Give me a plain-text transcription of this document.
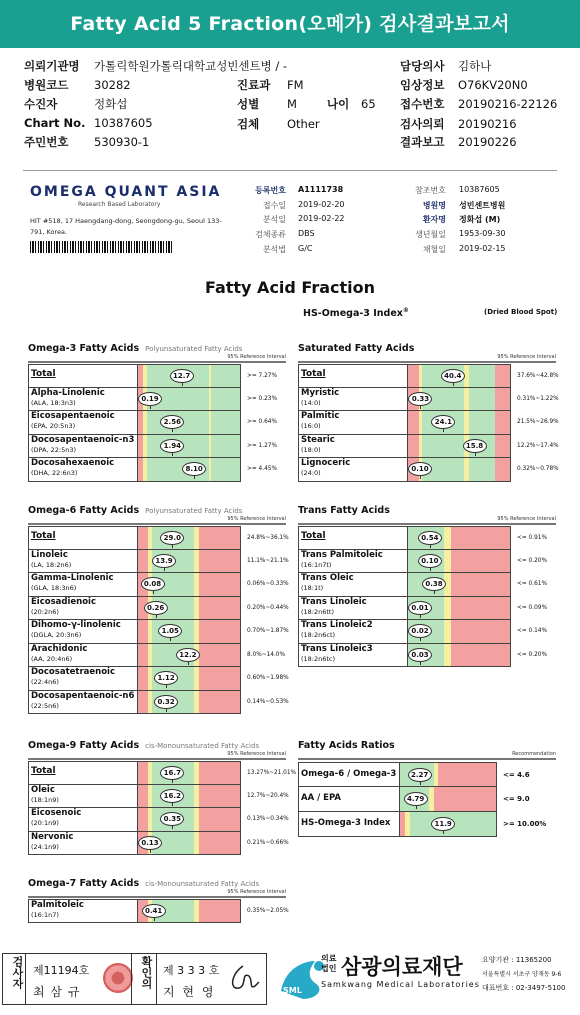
Fatty Acid 5 Fraction(오메가) 검사결과보고서
의뢰기관명 가톨릭학원가톨릭대학교성빈센트병 / -
병원코드 30282
수진자	정화섭
Chart No. 10387605
주민번호 530930-1
진료과 FM
성별 M
검체 Other
나이 65
담당의사 김하나
임상정보 O76KV20N0
접수번호 20190216-22126
검사의뢰 20190216
결과보고 20190226
OMEGA QUANT ASIA
Research Based Laboratory
HIT #518, 17 Haengdang-dong, Seongdong-gu, Seoul 133-791, Korea.
등록번호 A1111738
접수일 2019-02-20
분석일 2019-02-22
검체종류 DBS
분석법 G/C
참조번호 10387605
병원명 성빈센트병원
환자명 정화섭 (M)
생년월일 1953-09-30
채혈일 2019-02-15
Fatty Acid Fraction
HS-Omega-3 Index®	(Dried Blood Spot)
Omega-3 Fatty Acids Polyunsaturated Fatty Acids
95% Reference Interval
Total	12.7	>= 7.27%
Alpha-Linolenic
(ALA, 18:3n3)	0.19	>= 0.23%
Eicosapentaenoic
(EPA, 20:5n3)	2.56	>= 0.64%
Docosapentaenoic-n3
(DPA, 22:5n3)	1.94	>= 1.27%
Docosahexaenoic
(DHA, 22:6n3)	8.10	>= 4.45%
Saturated Fatty Acids
95% Reference Interval
Total	40.4	37.6%~42.8%
Myristic
(14:0)	0.33	0.31%~1.22%
Palmitic
(16:0)	24.1	21.5%~26.9%
Stearic
(18:0)	15.8	12.2%~17.4%
Lignoceric
(24:0)	0.10	0.32%~0.78%
Omega-6 Fatty Acids Polyunsaturated Fatty Acids
95% Reference Interval
Total	29.0	24.8%~36.1%
Linoleic
(LA, 18:2n6)	13.9	11.1%~21.1%
Gamma-Linolenic
(GLA, 18:3n6)	0.08	0.06%~0.33%
Eicosadienoic
(20:2n6)	0.26	0.20%~0.44%
Dihomo-γ-linolenic
(DGLA, 20:3n6)	1.05	0.70%~1.87%
Arachidonic
(AA, 20:4n6)	12.2	8.0%~14.0%
Docosatetraenoic
(22:4n6)	1.12	0.60%~1.98%
Docosapentaenoic-n6
(22:5n6)	0.32	0.14%~0.53%
Trans Fatty Acids
95% Reference Interval
Total	0.54	<= 0.91%
Trans Palmitoleic
(16:1n7t)	0.10	<= 0.20%
Trans Oleic
(18:1t)	0.38	<= 0.61%
Trans Linoleic
(18:2n6tt)	0.01	<= 0.09%
Trans Linoleic2
(18:2n6ct)	0.02	<= 0.14%
Trans Linoleic3
(18:2n6tc)	0.03	<= 0.20%
Omega-9 Fatty Acids cis-Monounsaturated Fatty Acids
95% Reference Interval
Total	16.7	13.27%~21.01%
Oleic
(18:1n9)	16.2	12.7%~20.4%
Eicosenoic
(20:1n9)	0.35	0.13%~0.34%
Nervonic
(24:1n9)	0.13	0.21%~0.66%
Omega-7 Fatty Acids cis-Monounsaturated Fatty Acids
95% Reference Interval
Palmitoleic
(16:1n7)
0.41	0.35%~2.05%
Fatty Acids Ratios
Recommendation
Omega-6 / Omega-3	2.27	<= 4.6
AA / EPA	4.79	<= 9.0
HS-Omega-3 Index	11.9	>= 10.00%
검사자 제11194호
최 삼 규
확인의 제 3 3 3 호
지 현 영	SML
의료법인 삼광의료재단
Samkwang Medical Laboratories
요양기관 : 11365200
서울특별시 서초구 양재동 9-6
대표번호 : 02-3497-5100
